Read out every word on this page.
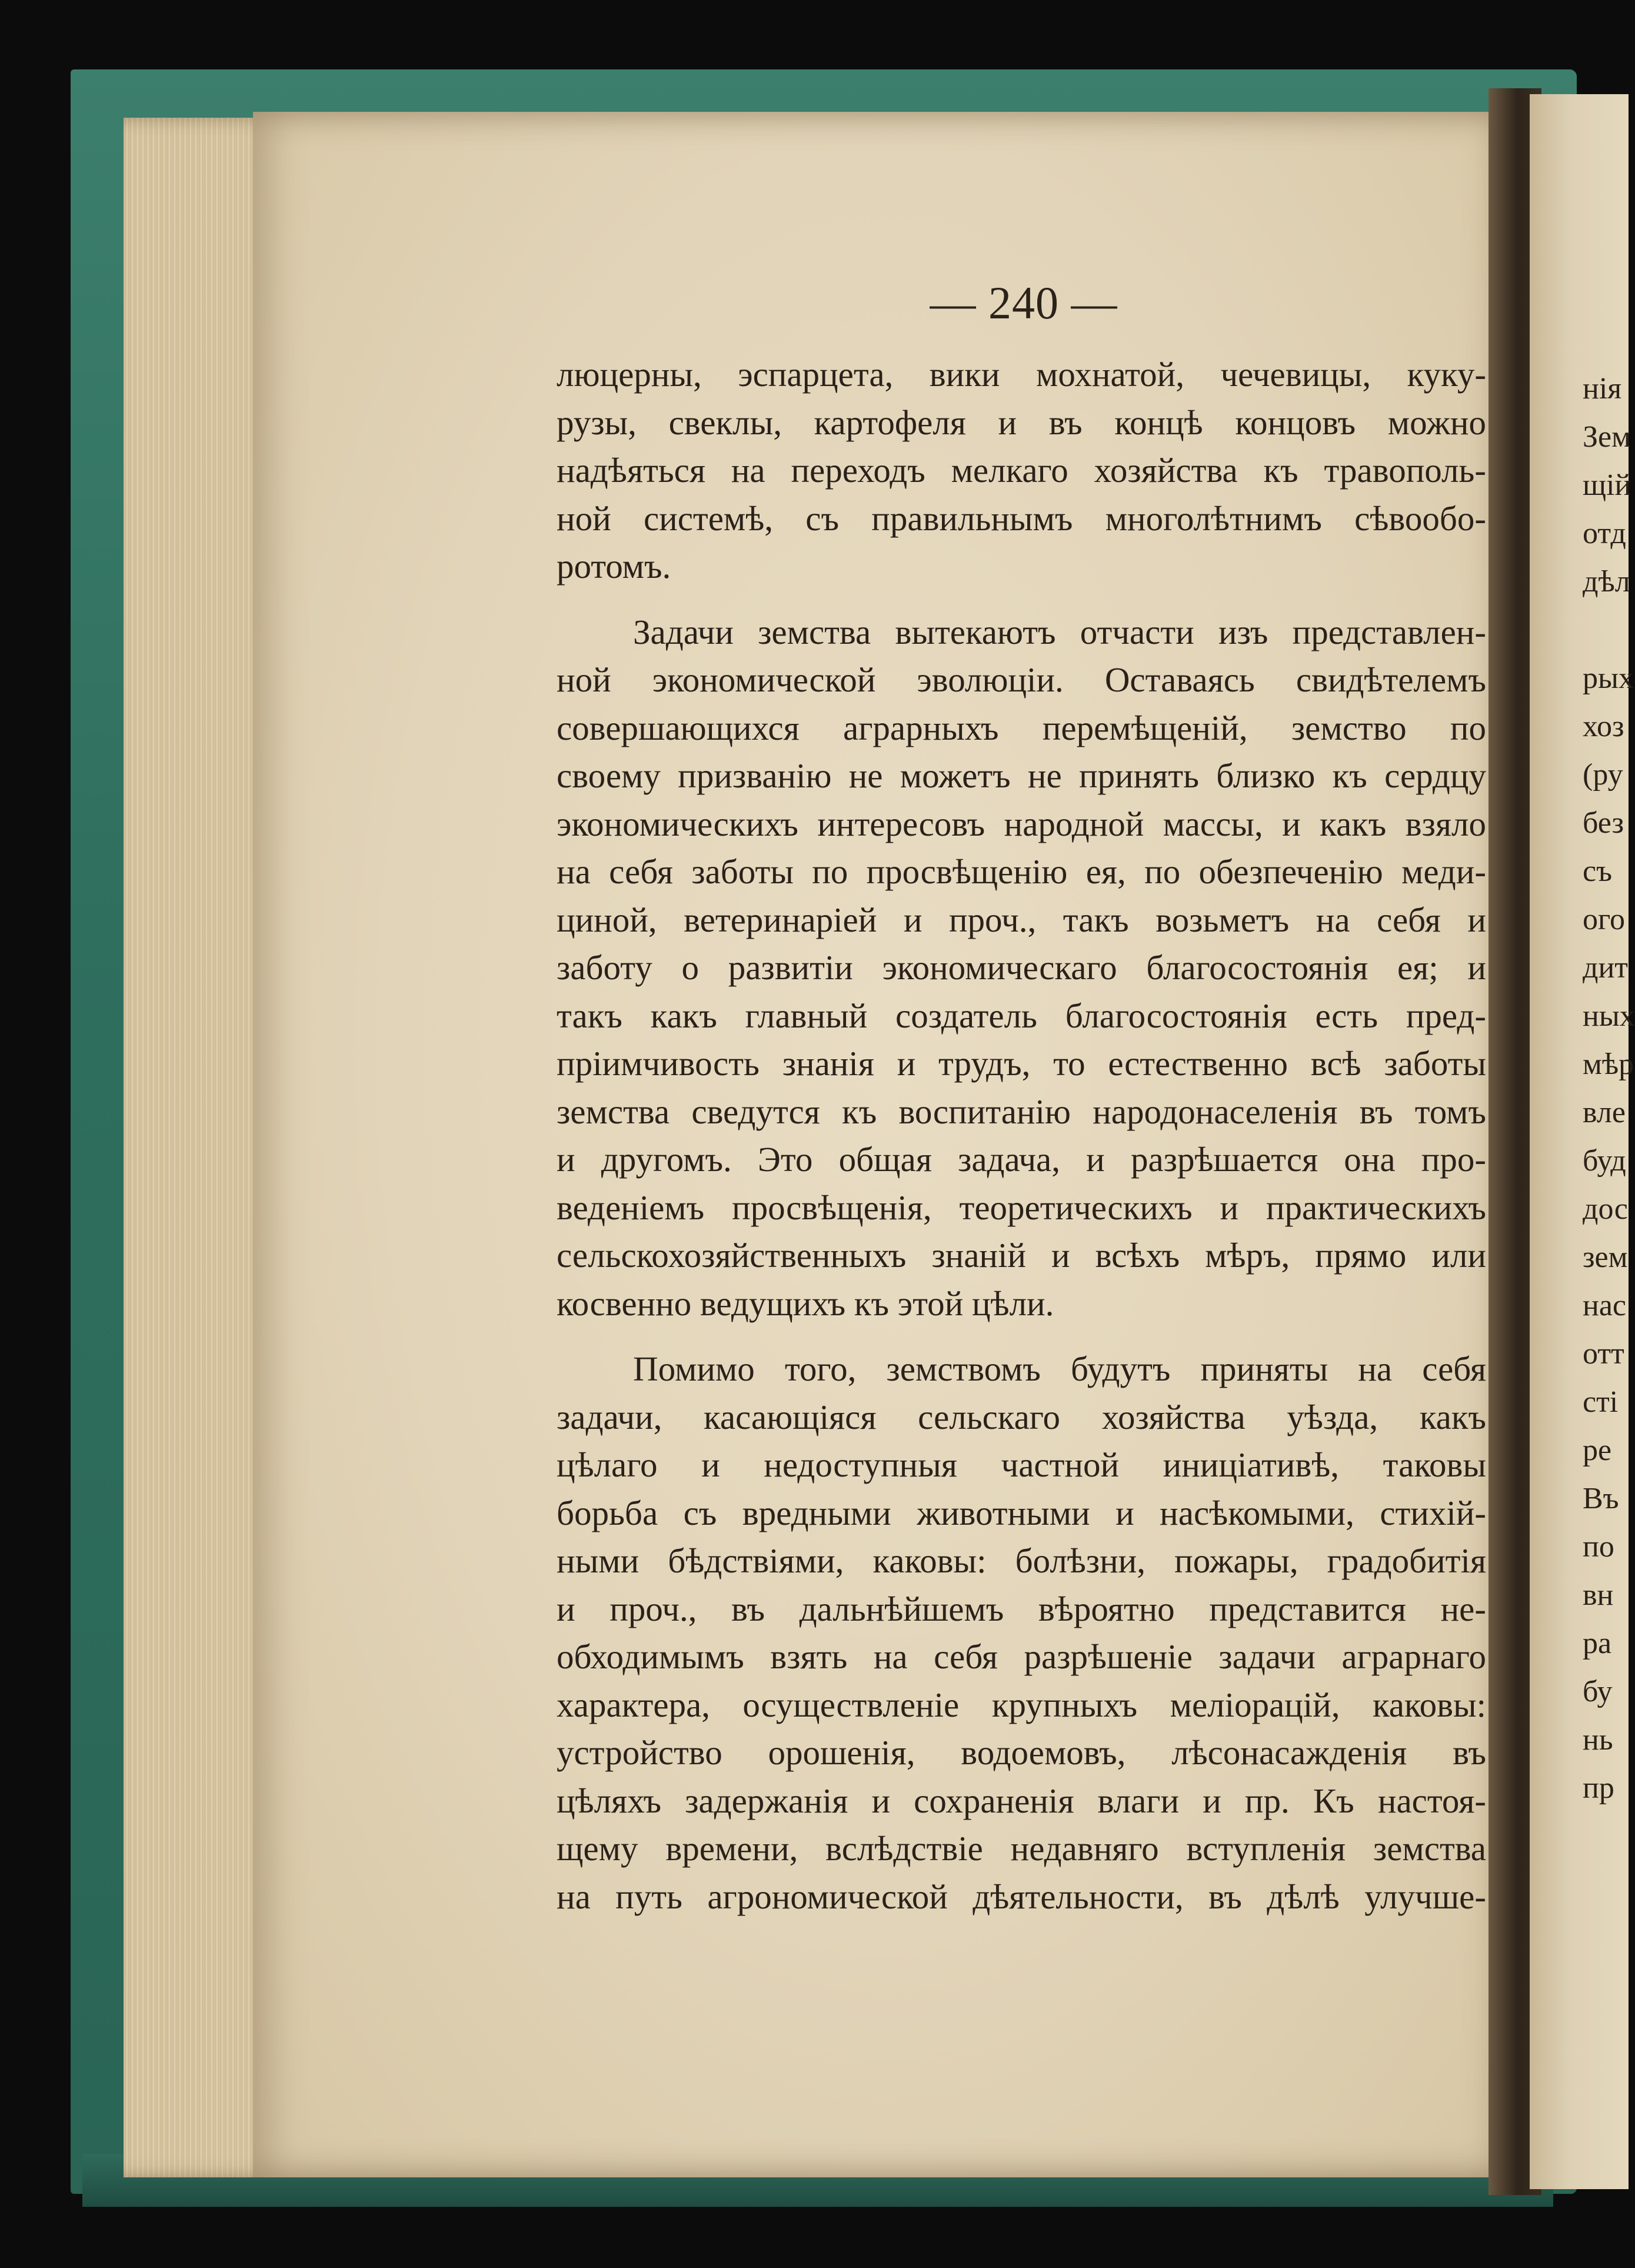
— 240 —
люцерны, эспарцета, вики мохнатой, чечевицы, куку-
рузы, свеклы, картофеля и въ концѣ концовъ можно
надѣяться на переходъ мелкаго хозяйства къ травополь-
ной системѣ, съ правильнымъ многолѣтнимъ сѣвообо-
ротомъ.
Задачи земства вытекаютъ отчасти изъ представлен-
ной экономической эволюціи. Оставаясь свидѣтелемъ
совершающихся аграрныхъ перемѣщеній, земство по
своему призванію не можетъ не принять близко къ сердцу
экономическихъ интересовъ народной массы, и какъ взяло
на себя заботы по просвѣщенію ея, по обезпеченію меди-
циной, ветеринаріей и проч., такъ возьметъ на себя и
заботу о развитіи экономическаго благосостоянія ея; и
такъ какъ главный создатель благосостоянія есть пред-
пріимчивость знанія и трудъ, то естественно всѣ заботы
земства сведутся къ воспитанію народонаселенія въ томъ
и другомъ. Это общая задача, и разрѣшается она про-
веденіемъ просвѣщенія, теоретическихъ и практическихъ
сельскохозяйственныхъ знаній и всѣхъ мѣръ, прямо или
косвенно ведущихъ къ этой цѣли.
Помимо того, земствомъ будутъ приняты на себя
задачи, касающіяся сельскаго хозяйства уѣзда, какъ
цѣлаго и недоступныя частной иниціативѣ, таковы
борьба съ вредными животными и насѣкомыми, стихій-
ными бѣдствіями, каковы: болѣзни, пожары, градобитія
и проч., въ дальнѣйшемъ вѣроятно представится не-
обходимымъ взять на себя разрѣшеніе задачи аграрнаго
характера, осуществленіе крупныхъ меліорацій, каковы:
устройство орошенія, водоемовъ, лѣсонасажденія въ
цѣляхъ задержанія и сохраненія влаги и пр. Къ настоя-
щему времени, вслѣдствіе недавняго вступленія земства
на путь агрономической дѣятельности, въ дѣлѣ улучше-
нія
Зем
щій
отд
дѣл
рых
хоз
(ру
без
съ
ого
дит
ных
мѣр
вле
буд
дос
зем
нас
отт
сті
ре
Въ
по
вн
ра
бу
нь
пр
